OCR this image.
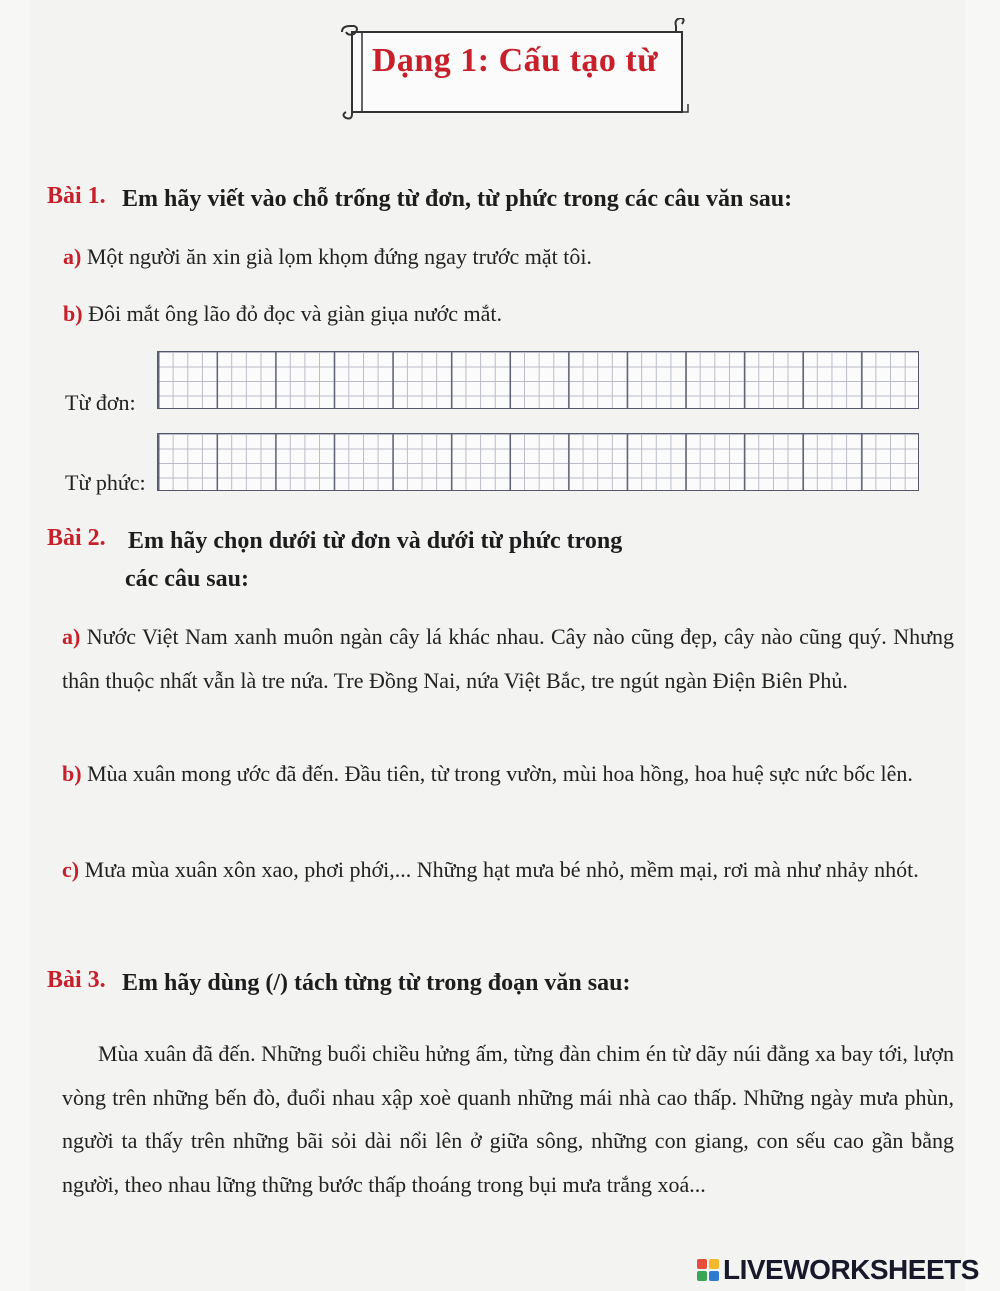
Dạng 1: Cấu tạo từ
Bài 1. Em hãy viết vào chỗ trống từ đơn, từ phức trong các câu văn sau:
a) Một người ăn xin già lọm khọm đứng ngay trước mặt tôi.
b) Đôi mắt ông lão đỏ đọc và giàn giụa nước mắt.
Từ đơn:
Từ phức:
Bài 2. Em hãy chọn dưới từ đơn và dưới từ phức trong
các câu sau:
a) Nước Việt Nam xanh muôn ngàn cây lá khác nhau. Cây nào cũng đẹp, cây nào cũng quý. Nhưng thân thuộc nhất vẫn là tre nứa. Tre Đồng Nai, nứa Việt Bắc, tre ngút ngàn Điện Biên Phủ.
b) Mùa xuân mong ước đã đến. Đầu tiên, từ trong vườn, mùi hoa hồng, hoa huệ sực nức bốc lên.
c) Mưa mùa xuân xôn xao, phơi phới,... Những hạt mưa bé nhỏ, mềm mại, rơi mà như nhảy nhót.
Bài 3. Em hãy dùng (/) tách từng từ trong đoạn văn sau:
Mùa xuân đã đến. Những buổi chiều hửng ấm, từng đàn chim én từ dãy núi đằng xa bay tới, lượn vòng trên những bến đò, đuổi nhau xập xoè quanh những mái nhà cao thấp. Những ngày mưa phùn, người ta thấy trên những bãi sỏi dài nổi lên ở giữa sông, những con giang, con sếu cao gần bằng người, theo nhau lững thững bước thấp thoáng trong bụi mưa trắng xoá...
LIVEWORKSHEETS
